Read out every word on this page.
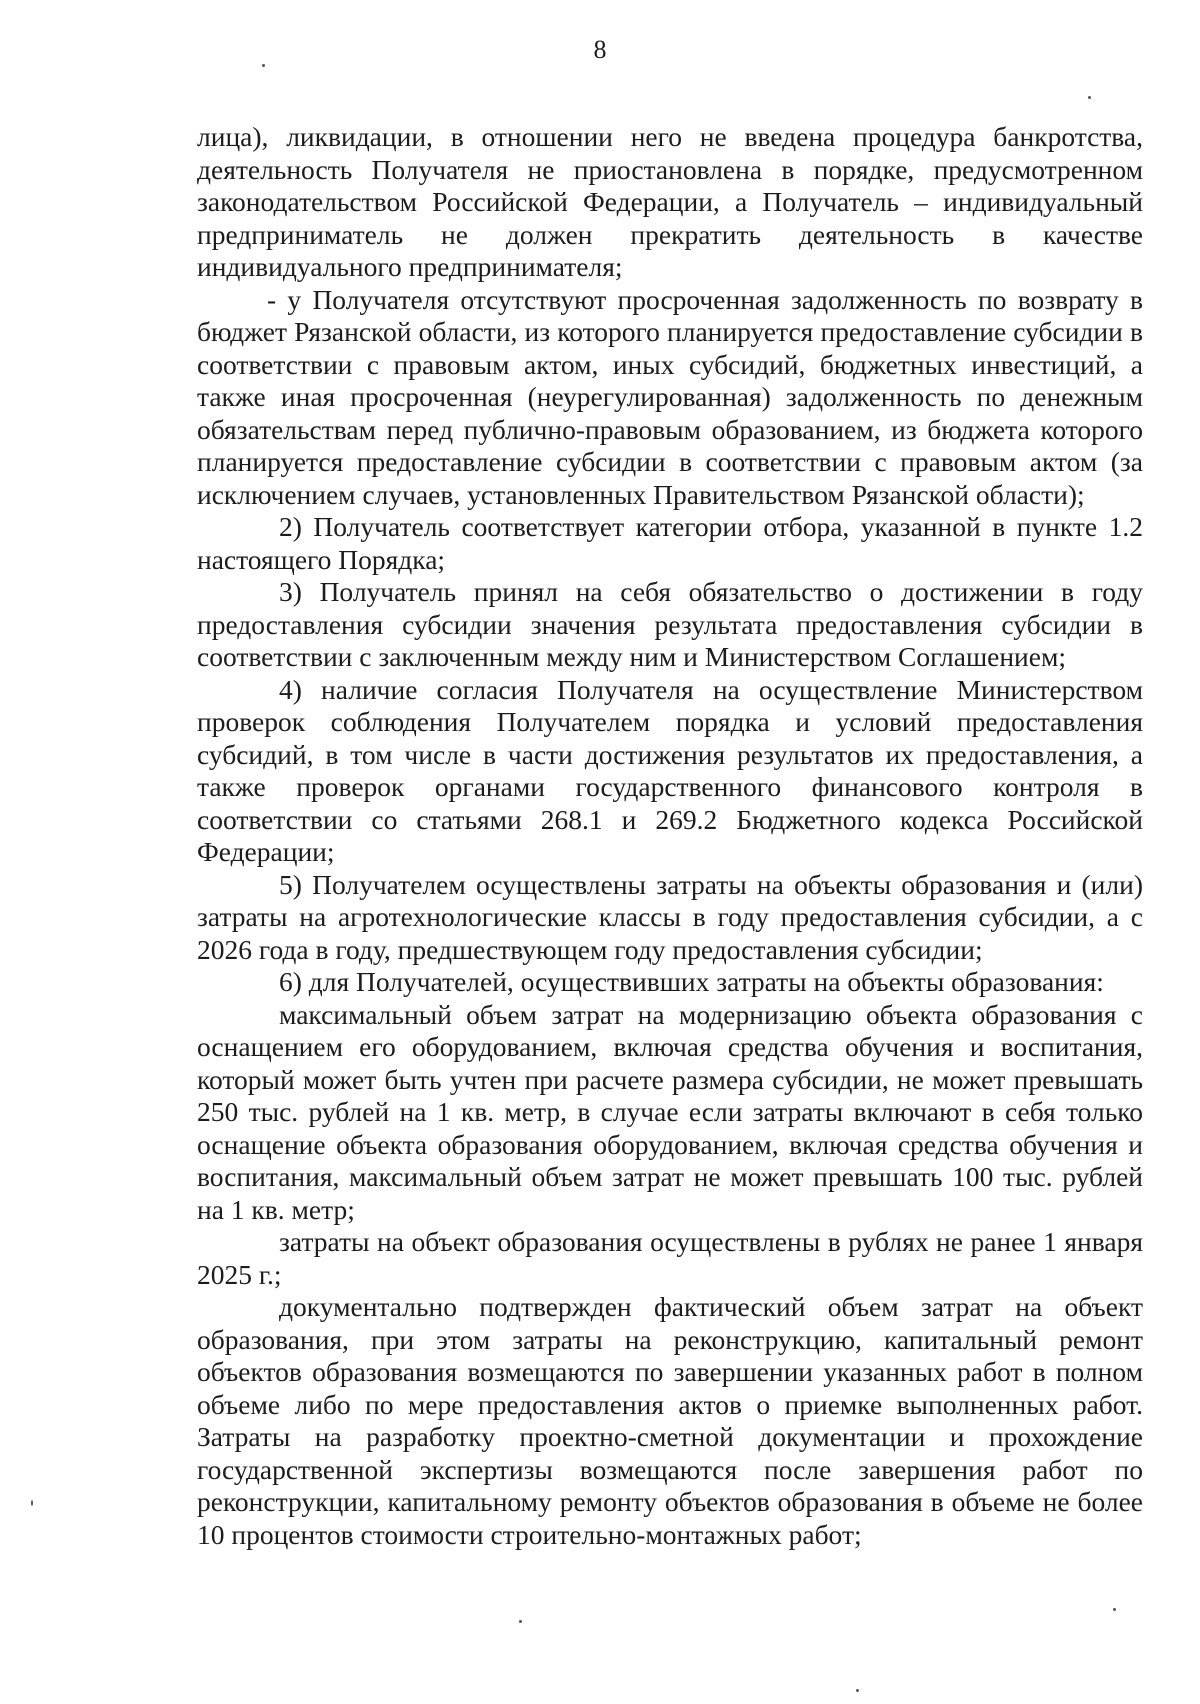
8

лица), ликвидации, в отношении него не введена процедура банкротства, деятельность Получателя не приостановлена в порядке, предусмотренном законодательством Российской Федерации, а Получатель – индивидуальный предприниматель не должен прекратить деятельность в качестве индивидуального предпринимателя;

- у Получателя отсутствуют просроченная задолженность по возврату в бюджет Рязанской области, из которого планируется предоставление субсидии в соответствии с правовым актом, иных субсидий, бюджетных инвестиций, а также иная просроченная (неурегулированная) задолженность по денежным обязательствам перед публично-правовым образованием, из бюджета которого планируется предоставление субсидии в соответствии с правовым актом (за исключением случаев, установленных Правительством Рязанской области);

2) Получатель соответствует категории отбора, указанной в пункте 1.2 настоящего Порядка;

3) Получатель принял на себя обязательство о достижении в году предоставления субсидии значения результата предоставления субсидии в соответствии с заключенным между ним и Министерством Соглашением;

4) наличие согласия Получателя на осуществление Министерством проверок соблюдения Получателем порядка и условий предоставления субсидий, в том числе в части достижения результатов их предоставления, а также проверок органами государственного финансового контроля в соответствии со статьями 268.1 и 269.2 Бюджетного кодекса Российской Федерации;

5) Получателем осуществлены затраты на объекты образования и (или) затраты на агротехнологические классы в году предоставления субсидии, а с 2026 года в году, предшествующем году предоставления субсидии;

6) для Получателей, осуществивших затраты на объекты образования:

максимальный объем затрат на модернизацию объекта образования с оснащением его оборудованием, включая средства обучения и воспитания, который может быть учтен при расчете размера субсидии, не может превышать 250 тыс. рублей на 1 кв. метр, в случае если затраты включают в себя только оснащение объекта образования оборудованием, включая средства обучения и воспитания, максимальный объем затрат не может превышать 100 тыс. рублей на 1 кв. метр;

затраты на объект образования осуществлены в рублях не ранее 1 января 2025 г.;

документально подтвержден фактический объем затрат на объект образования, при этом затраты на реконструкцию, капитальный ремонт объектов образования возмещаются по завершении указанных работ в полном объеме либо по мере предоставления актов о приемке выполненных работ. Затраты на разработку проектно-сметной документации и прохождение государственной экспертизы возмещаются после завершения работ по реконструкции, капитальному ремонту объектов образования в объеме не более 10 процентов стоимости строительно-монтажных работ;
